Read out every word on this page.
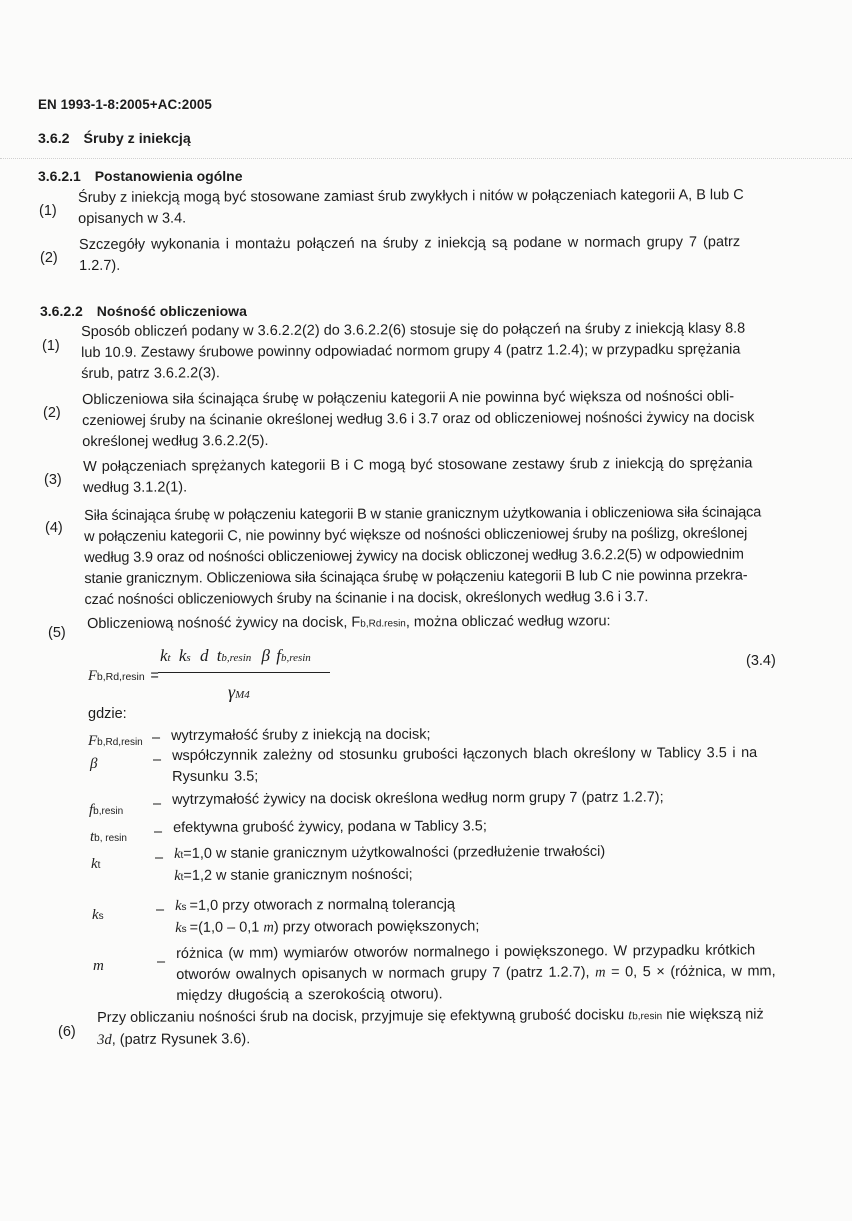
EN 1993-1-8:2005+AC:2005
3.6.2 Śruby z iniekcją
3.6.2.1 Postanowienia ogólne
(1)
Śruby z iniekcją mogą być stosowane zamiast śrub zwykłych i nitów w połączeniach kategorii A, B lub C
opisanych w 3.4.
(2)
Szczegóły wykonania i montażu połączeń na śruby z iniekcją są podane w normach grupy 7 (patrz
1.2.7).
3.6.2.2 Nośność obliczeniowa
(1)
Sposób obliczeń podany w 3.6.2.2(2) do 3.6.2.2(6) stosuje się do połączeń na śruby z iniekcją klasy 8.8
lub 10.9. Zestawy śrubowe powinny odpowiadać normom grupy 4 (patrz 1.2.4); w przypadku sprężania
śrub, patrz 3.6.2.2(3).
(2)
Obliczeniowa siła ścinająca śrubę w połączeniu kategorii A nie powinna być większa od nośności obli-
czeniowej śruby na ścinanie określonej według 3.6 i 3.7 oraz od obliczeniowej nośności żywicy na docisk
określonej według 3.6.2.2(5).
(3)
W połączeniach sprężanych kategorii B i C mogą być stosowane zestawy śrub z iniekcją do sprężania
według 3.1.2(1).
(4)
Siła ścinająca śrubę w połączeniu kategorii B w stanie granicznym użytkowania i obliczeniowa siła ścinająca
w połączeniu kategorii C, nie powinny być większe od nośności obliczeniowej śruby na poślizg, określonej
według 3.9 oraz od nośności obliczeniowej żywicy na docisk obliczonej według 3.6.2.2(5) w odpowiednim
stanie granicznym. Obliczeniowa siła ścinająca śrubę w połączeniu kategorii B lub C nie powinna przekra-
czać nośności obliczeniowych śruby na ścinanie i na docisk, określonych według 3.6 i 3.7.
(5)
Obliczeniową nośność żywicy na docisk, Fb,Rd.resin, można obliczać według wzoru:
Fb,Rd,resin =
kt ks d tb,resin β fb,resin
γM4
(3.4)
gdzie:
Fb,Rd,resin – wytrzymałość śruby z iniekcją na docisk;
β	– współczynnik zależny od stosunku grubości łączonych blach określony w Tablicy 3.5 i na
Rysunku 3.5;
fb,resin – wytrzymałość żywicy na docisk określona według norm grupy 7 (patrz 1.2.7);
tb, resin – efektywna grubość żywicy, podana w Tablicy 3.5;
kt	– kt=1,0 w stanie granicznym użytkowalności (przedłużenie trwałości)
kt=1,2 w stanie granicznym nośności;
ks	– ks =1,0 przy otworach z normalną tolerancją
ks =(1,0 – 0,1 m) przy otworach powiększonych;
m	–
różnica (w mm) wymiarów otworów normalnego i powiększonego. W przypadku krótkich
otworów owalnych opisanych w normach grupy 7 (patrz 1.2.7), m = 0, 5 × (różnica, w mm,
między długością a szerokością otworu).
(6)
Przy obliczaniu nośności śrub na docisk, przyjmuje się efektywną grubość docisku tb,resin nie większą niż
3d, (patrz Rysunek 3.6).
